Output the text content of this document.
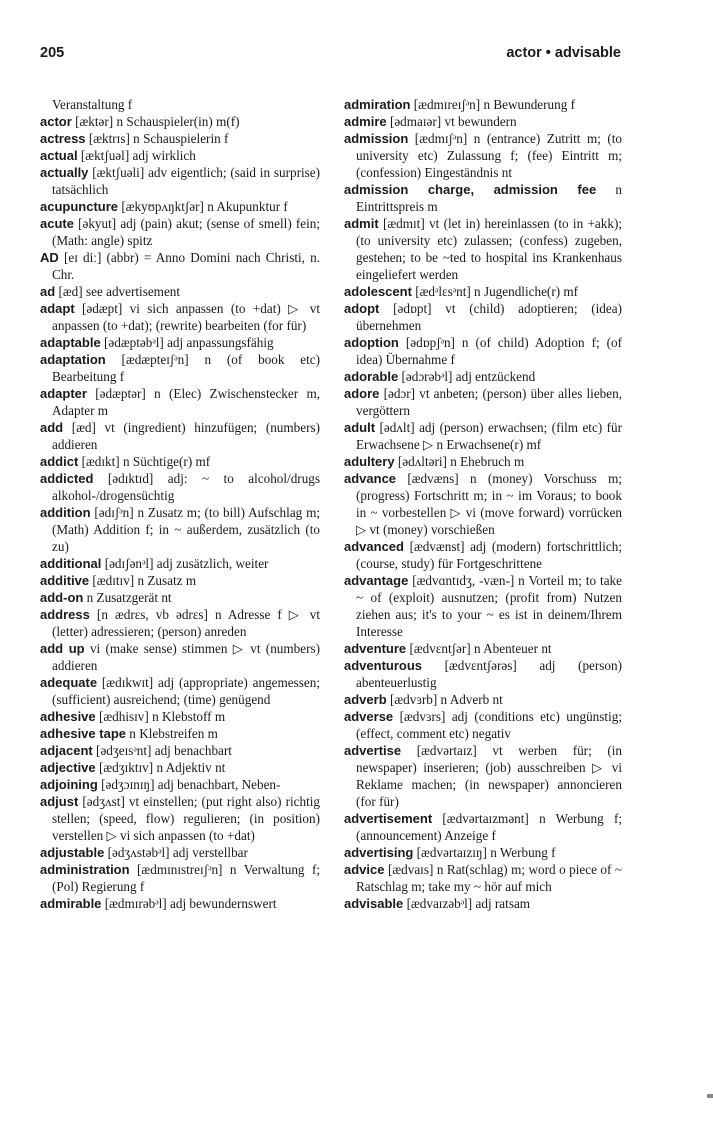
205	actor • advisable
Veranstaltung f
actor [æktər] n Schauspieler(in) m(f)
actress [æktrɪs] n Schauspielerin f
actual [æktʃuəl] adj wirklich
actually [æktʃuəli] adv eigentlich; (said in surprise) tatsächlich
acupuncture [ækyʊpʌŋktʃər] n Akupunktur f
acute [əkyut] adj (pain) akut; (sense of smell) fein; (Math: angle) spitz
AD [eɪ diː] (abbr) = Anno Domini nach Christi, n. Chr.
ad [æd] see advertisement
adapt [ədæpt] vi sich anpassen (to +dat) ▷ vt anpassen (to +dat); (rewrite) bearbeiten (for für)
adaptable [ədæptəbᵊl] adj anpassungsfähig
adaptation [ædæpteɪʃᵊn] n (of book etc) Bearbeitung f
adapter [ədæptər] n (Elec) Zwischenstecker m, Adapter m
add [æd] vt (ingredient) hinzufügen; (numbers) addieren
addict [ædɪkt] n Süchtige(r) mf
addicted [ədɪktɪd] adj: ~ to alcohol/drugs alkohol-/drogensüchtig
addition [ədɪʃᵊn] n Zusatz m; (to bill) Aufschlag m; (Math) Addition f; in ~ außerdem, zusätzlich (to zu)
additional [ədɪʃənᵊl] adj zusätzlich, weiter
additive [ædɪtɪv] n Zusatz m
add-on n Zusatzgerät nt
address [n ædrɛs, vb ədrɛs] n Adresse f ▷ vt (letter) adressieren; (person) anreden
add up vi (make sense) stimmen ▷ vt (numbers) addieren
adequate [ædɪkwɪt] adj (appropriate) angemessen; (sufficient) ausreichend; (time) genügend
adhesive [ædhisɪv] n Klebstoff m
adhesive tape n Klebstreifen m
adjacent [ədʒeɪsᵊnt] adj benachbart
adjective [ædʒɪktɪv] n Adjektiv nt
adjoining [ədʒɔɪnɪŋ] adj benachbart, Neben-
adjust [ədʒʌst] vt einstellen; (put right also) richtig stellen; (speed, flow) regulieren; (in position) verstellen ▷ vi sich anpassen (to +dat)
adjustable [ədʒʌstəbᵊl] adj verstellbar
administration [ædmɪnɪstreɪʃᵊn] n Verwaltung f; (Pol) Regierung f
admirable [ædmɪrəbᵊl] adj bewundernswert
admiration [ædmɪreɪʃᵊn] n Bewunderung f
admire [ədmaɪər] vt bewundern
admission [ædmɪʃᵊn] n (entrance) Zutritt m; (to university etc) Zulassung f; (fee) Eintritt m; (confession) Eingeständnis nt
admission charge, admission fee n Eintrittspreis m
admit [ædmɪt] vt (let in) hereinlassen (to in +akk); (to university etc) zulassen; (confess) zugeben, gestehen; to be ~ted to hospital ins Krankenhaus eingeliefert werden
adolescent [ædᵊlɛsᵊnt] n Jugendliche(r) mf
adopt [ədɒpt] vt (child) adoptieren; (idea) übernehmen
adoption [ədɒpʃᵊn] n (of child) Adoption f; (of idea) Übernahme f
adorable [ədɔrəbᵊl] adj entzückend
adore [ədɔr] vt anbeten; (person) über alles lieben, vergöttern
adult [ədʌlt] adj (person) erwachsen; (film etc) für Erwachsene ▷ n Erwachsene(r) mf
adultery [ədʌltəri] n Ehebruch m
advance [ædvæns] n (money) Vorschuss m; (progress) Fortschritt m; in ~ im Voraus; to book in ~ vorbestellen ▷ vi (move forward) vorrücken ▷ vt (money) vorschießen
advanced [ædvænst] adj (modern) fortschrittlich; (course, study) für Fortgeschrittene
advantage [ædvɑntɪdʒ, -væn-] n Vorteil m; to take ~ of (exploit) ausnutzen; (profit from) Nutzen ziehen aus; it's to your ~ es ist in deinem/Ihrem Interesse
adventure [ædvɛntʃər] n Abenteuer nt
adventurous [ædvɛntʃərəs] adj (person) abenteuerlustig
adverb [ædvɜrb] n Adverb nt
adverse [ædvɜrs] adj (conditions etc) ungünstig; (effect, comment etc) negativ
advertise [ædvərtaɪz] vt werben für; (in newspaper) inserieren; (job) ausschreiben ▷ vi Reklame machen; (in newspaper) annoncieren (for für)
advertisement [ædvərtaɪzmənt] n Werbung f; (announcement) Anzeige f
advertising [ædvərtaɪzɪŋ] n Werbung f
advice [ædvaɪs] n Rat(schlag) m; word o piece of ~ Ratschlag m; take my ~ hör auf mich
advisable [ædvaɪzəbᵊl] adj ratsam
